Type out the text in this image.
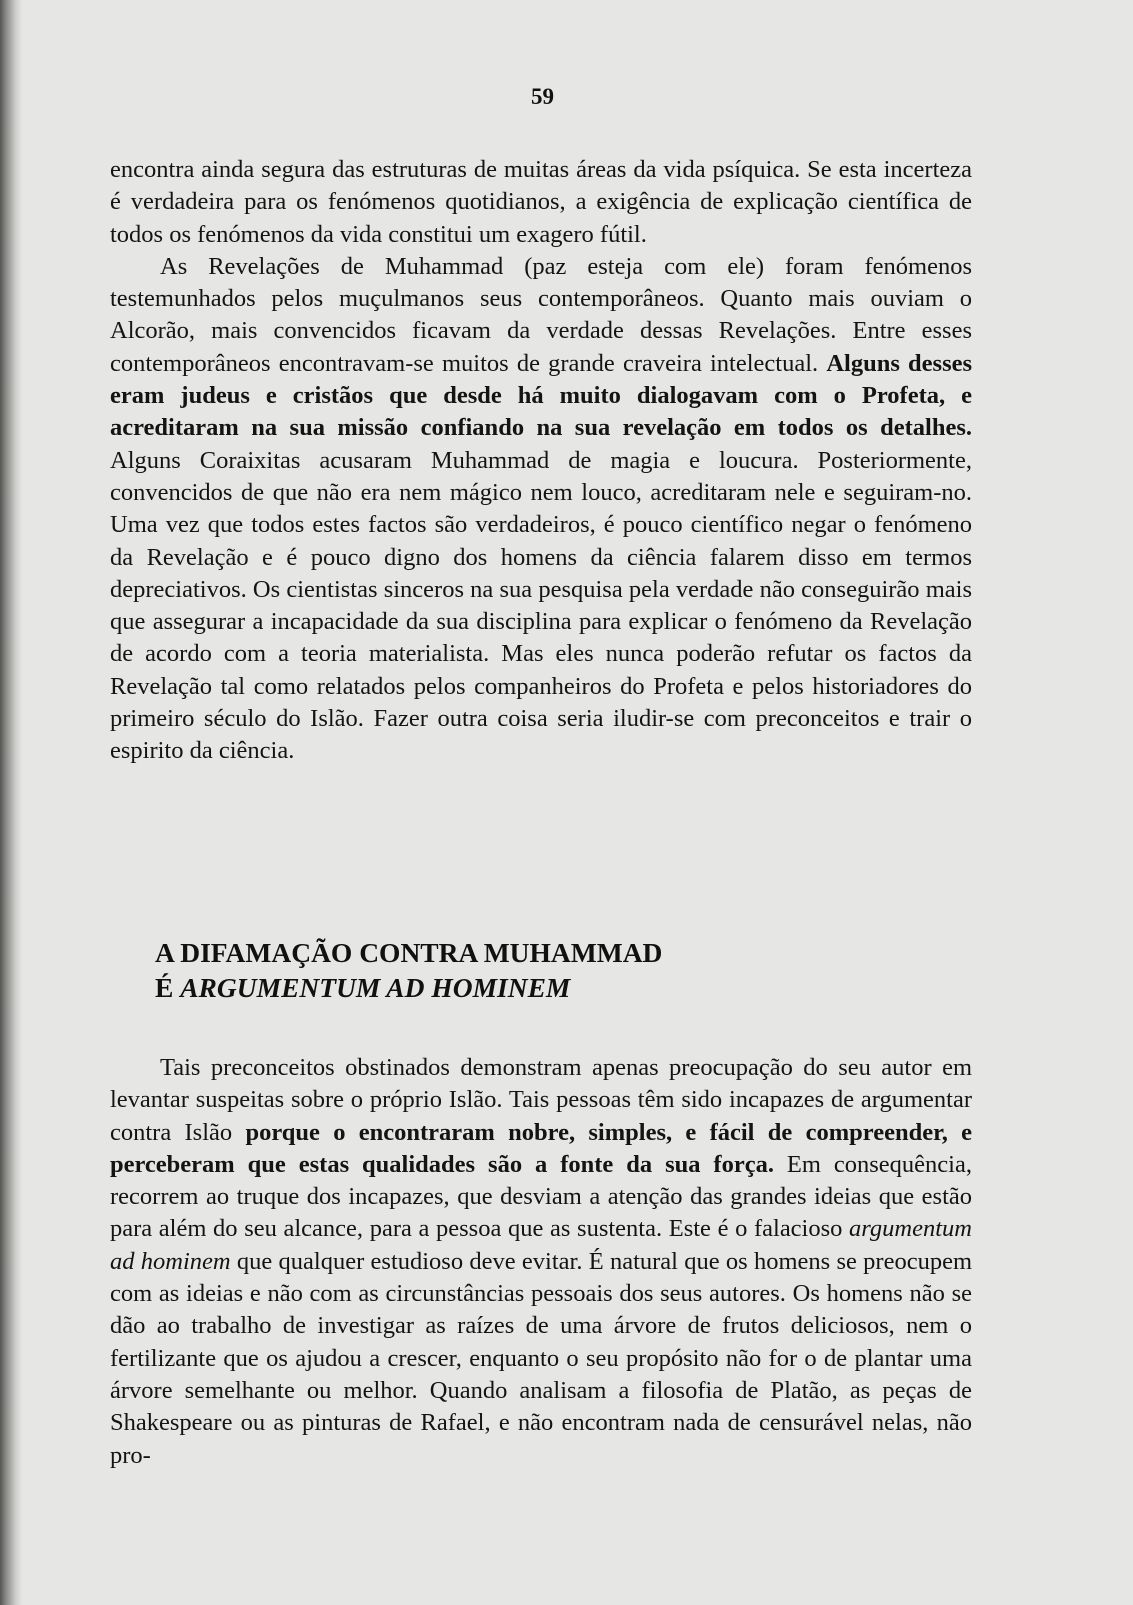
59

encontra ainda segura das estruturas de muitas áreas da vida psíquica. Se esta incerteza é verdadeira para os fenómenos quotidianos, a exigência de explicação científica de todos os fenómenos da vida constitui um exagero fútil.

As Revelações de Muhammad (paz esteja com ele) foram fenómenos testemunhados pelos muçulmanos seus contemporâneos. Quanto mais ouviam o Alcorão, mais convencidos ficavam da verdade dessas Revelações. Entre esses contemporâneos encontravam-se muitos de grande craveira intelectual. Alguns desses eram judeus e cristãos que desde há muito dialogavam com o Profeta, e acreditaram na sua missão confiando na sua revelação em todos os detalhes. Alguns Coraixitas acusaram Muhammad de magia e loucura. Posteriormente, convencidos de que não era nem mágico nem louco, acreditaram nele e seguiram-no. Uma vez que todos estes factos são verdadeiros, é pouco científico negar o fenómeno da Revelação e é pouco digno dos homens da ciência falarem disso em termos depreciativos. Os cientistas sinceros na sua pesquisa pela verdade não conseguirão mais que assegurar a incapacidade da sua disciplina para explicar o fenómeno da Revelação de acordo com a teoria materialista. Mas eles nunca poderão refutar os factos da Revelação tal como relatados pelos companheiros do Profeta e pelos historiadores do primeiro século do Islão. Fazer outra coisa seria iludir-se com preconceitos e trair o espirito da ciência.

A DIFAMAÇÃO CONTRA MUHAMMAD
É ARGUMENTUM AD HOMINEM

Tais preconceitos obstinados demonstram apenas preocupação do seu autor em levantar suspeitas sobre o próprio Islão. Tais pessoas têm sido incapazes de argumentar contra Islão porque o encontraram nobre, simples, e fácil de compreender, e perceberam que estas qualidades são a fonte da sua força. Em consequência, recorrem ao truque dos incapazes, que desviam a atenção das grandes ideias que estão para além do seu alcance, para a pessoa que as sustenta. Este é o falacioso argumentum ad hominem que qualquer estudioso deve evitar. É natural que os homens se preocupem com as ideias e não com as circunstâncias pessoais dos seus autores. Os homens não se dão ao trabalho de investigar as raízes de uma árvore de frutos deliciosos, nem o fertilizante que os ajudou a crescer, enquanto o seu propósito não for o de plantar uma árvore semelhante ou melhor. Quando analisam a filosofia de Platão, as peças de Shakespeare ou as pinturas de Rafael, e não encontram nada de censurável nelas, não pro-
